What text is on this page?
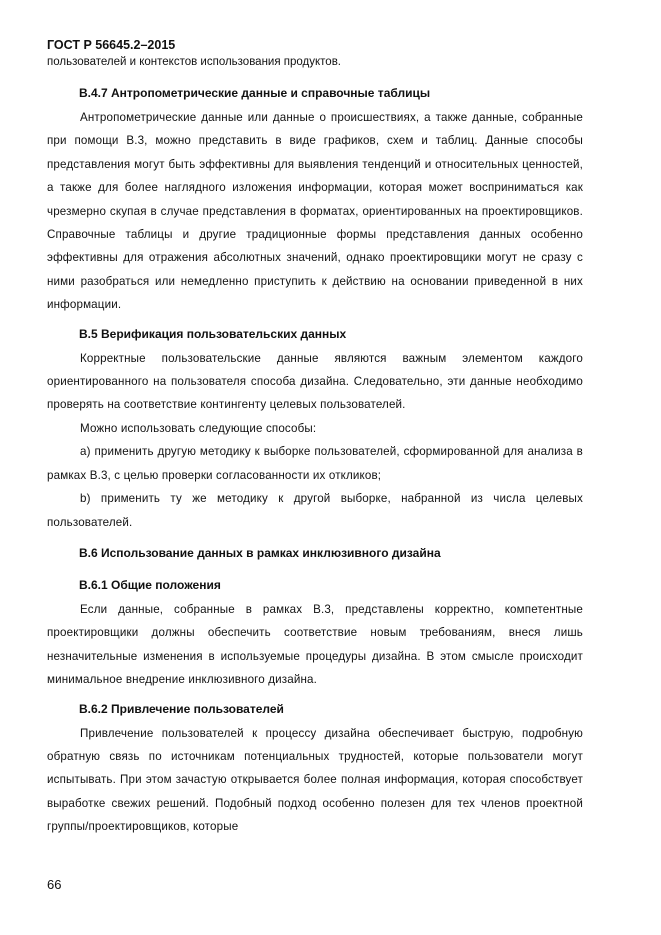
ГОСТ Р 56645.2–2015
пользователей и контекстов использования продуктов.
В.4.7 Антропометрические данные и справочные таблицы

Антропометрические данные или данные о происшествиях, а также данные, собранные при помощи В.3, можно представить в виде графиков, схем и таблиц. Данные способы представления могут быть эффективны для выявления тенденций и относительных ценностей, а также для более наглядного изложения информации, которая может восприниматься как чрезмерно скупая в случае представления в форматах, ориентированных на проектировщиков. Справочные таблицы и другие традиционные формы представления данных особенно эффективны для отражения абсолютных значений, однако проектировщики могут не сразу с ними разобраться или немедленно приступить к действию на основании приведенной в них информации.

В.5 Верификация пользовательских данных

Корректные пользовательские данные являются важным элементом каждого ориентированного на пользователя способа дизайна. Следовательно, эти данные необходимо проверять на соответствие контингенту целевых пользователей.

Можно использовать следующие способы:

а) применить другую методику к выборке пользователей, сформированной для анализа в рамках В.3, с целью проверки согласованности их откликов;

b) применить ту же методику к другой выборке, набранной из числа целевых пользователей.

В.6 Использование данных в рамках инклюзивного дизайна
В.6.1 Общие положения

Если данные, собранные в рамках В.3, представлены корректно, компетентные проектировщики должны обеспечить соответствие новым требованиям, внеся лишь незначительные изменения в используемые процедуры дизайна. В этом смысле происходит минимальное внедрение инклюзивного дизайна.

В.6.2 Привлечение пользователей

Привлечение пользователей к процессу дизайна обеспечивает быструю, подробную обратную связь по источникам потенциальных трудностей, которые пользователи могут испытывать. При этом зачастую открывается более полная информация, которая способствует выработке свежих решений. Подобный подход особенно полезен для тех членов проектной группы/проектировщиков, которые

66
